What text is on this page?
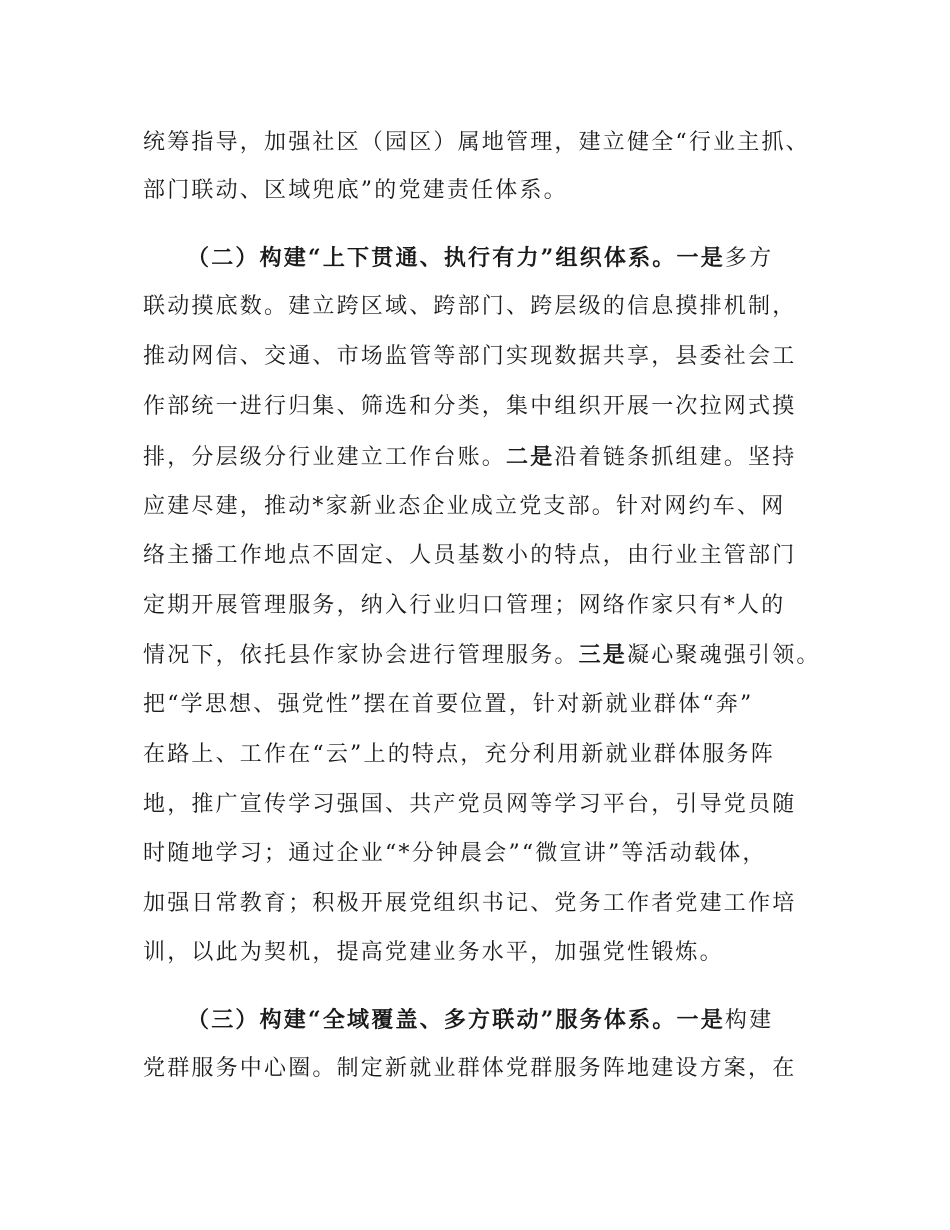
统筹指导，加强社区（园区）属地管理，建立健全“行业主抓、
部门联动、区域兜底”的党建责任体系。
（二）构建“上下贯通、执行有力”组织体系。一是多方
联动摸底数。建立跨区域、跨部门、跨层级的信息摸排机制，
推动网信、交通、市场监管等部门实现数据共享，县委社会工
作部统一进行归集、筛选和分类，集中组织开展一次拉网式摸
排，分层级分行业建立工作台账。二是沿着链条抓组建。坚持
应建尽建，推动*家新业态企业成立党支部。针对网约车、网
络主播工作地点不固定、人员基数小的特点，由行业主管部门
定期开展管理服务，纳入行业归口管理；网络作家只有*人的
情况下，依托县作家协会进行管理服务。三是凝心聚魂强引领。
把“学思想、强党性”摆在首要位置，针对新就业群体“奔”
在路上、工作在“云”上的特点，充分利用新就业群体服务阵
地，推广宣传学习强国、共产党员网等学习平台，引导党员随
时随地学习；通过企业“*分钟晨会”“微宣讲”等活动载体，
加强日常教育；积极开展党组织书记、党务工作者党建工作培
训，以此为契机，提高党建业务水平，加强党性锻炼。
（三）构建“全域覆盖、多方联动”服务体系。一是构建
党群服务中心圈。制定新就业群体党群服务阵地建设方案，在
